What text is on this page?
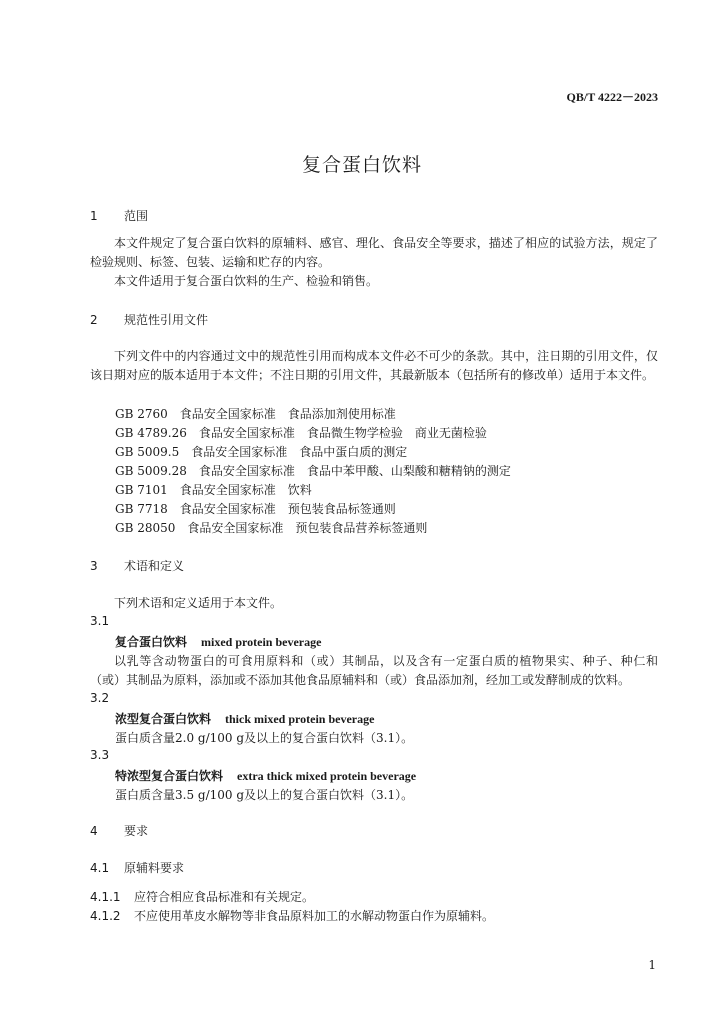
QB/T 4222－2023
复合蛋白饮料
1 范围
本文件规定了复合蛋白饮料的原辅料、感官、理化、食品安全等要求，描述了相应的试验方法，规定了检验规则、标签、包装、运输和贮存的内容。
本文件适用于复合蛋白饮料的生产、检验和销售。
2 规范性引用文件
下列文件中的内容通过文中的规范性引用而构成本文件必不可少的条款。其中，注日期的引用文件，仅该日期对应的版本适用于本文件；不注日期的引用文件，其最新版本（包括所有的修改单）适用于本文件。
GB 2760 食品安全国家标准 食品添加剂使用标准
GB 4789.26 食品安全国家标准 食品微生物学检验 商业无菌检验
GB 5009.5 食品安全国家标准 食品中蛋白质的测定
GB 5009.28 食品安全国家标准 食品中苯甲酸、山梨酸和糖精钠的测定
GB 7101 食品安全国家标准 饮料
GB 7718 食品安全国家标准 预包装食品标签通则
GB 28050 食品安全国家标准 预包装食品营养标签通则
3 术语和定义
下列术语和定义适用于本文件。
3.1
复合蛋白饮料 mixed protein beverage
以乳等含动物蛋白的可食用原料和（或）其制品，以及含有一定蛋白质的植物果实、种子、种仁和（或）其制品为原料，添加或不添加其他食品原辅料和（或）食品添加剂，经加工或发酵制成的饮料。
3.2
浓型复合蛋白饮料 thick mixed protein beverage
蛋白质含量2.0 g/100 g及以上的复合蛋白饮料（3.1）。
3.3
特浓型复合蛋白饮料 extra thick mixed protein beverage
蛋白质含量3.5 g/100 g及以上的复合蛋白饮料（3.1）。
4 要求
4.1 原辅料要求
4.1.1 应符合相应食品标准和有关规定。
4.1.2 不应使用革皮水解物等非食品原料加工的水解动物蛋白作为原辅料。
1
